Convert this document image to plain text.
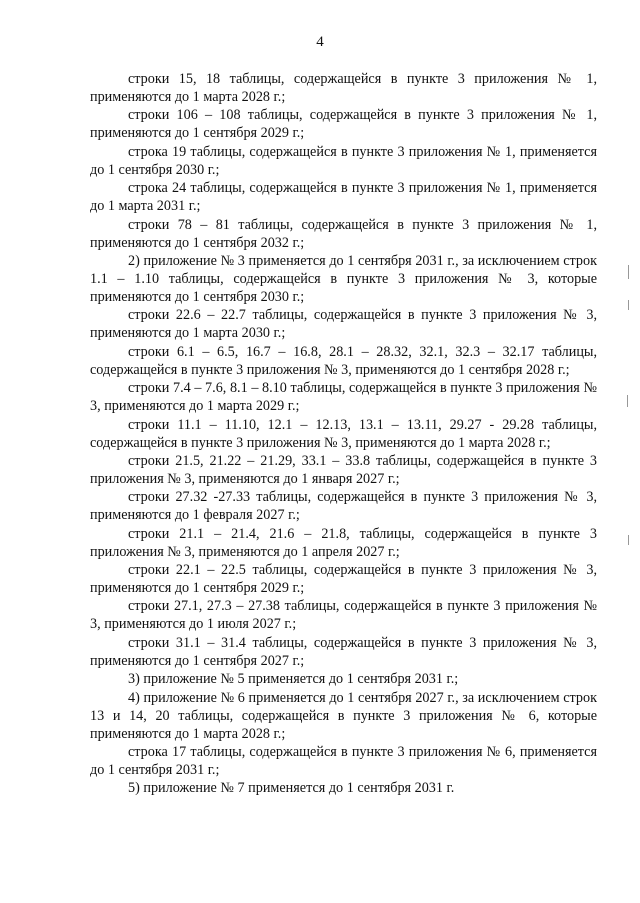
4

строки 15, 18 таблицы, содержащейся в пункте 3 приложения № 1, применяются до 1 марта 2028 г.;

строки 106 – 108 таблицы, содержащейся в пункте 3 приложения № 1, применяются до 1 сентября 2029 г.;

строка 19 таблицы, содержащейся в пункте 3 приложения № 1, применяется до 1 сентября 2030 г.;

строка 24 таблицы, содержащейся в пункте 3 приложения № 1, применяется до 1 марта 2031 г.;

строки 78 – 81 таблицы, содержащейся в пункте 3 приложения № 1, применяются до 1 сентября 2032 г.;

2) приложение № 3 применяется до 1 сентября 2031 г., за исключением строк 1.1 – 1.10 таблицы, содержащейся в пункте 3 приложения № 3, которые применяются до 1 сентября 2030 г.;

строки 22.6 – 22.7 таблицы, содержащейся в пункте 3 приложения № 3, применяются до 1 марта 2030 г.;

строки 6.1 – 6.5, 16.7 – 16.8, 28.1 – 28.32, 32.1, 32.3 – 32.17 таблицы, содержащейся в пункте 3 приложения № 3, применяются до 1 сентября 2028 г.;

строки 7.4 – 7.6, 8.1 – 8.10 таблицы, содержащейся в пункте 3 приложения № 3, применяются до 1 марта 2029 г.;

строки 11.1 – 11.10, 12.1 – 12.13, 13.1 – 13.11, 29.27 - 29.28 таблицы, содержащейся в пункте 3 приложения № 3, применяются до 1 марта 2028 г.;

строки 21.5, 21.22 – 21.29, 33.1 – 33.8 таблицы, содержащейся в пункте 3 приложения № 3, применяются до 1 января 2027 г.;

строки 27.32 -27.33 таблицы, содержащейся в пункте 3 приложения № 3, применяются до 1 февраля 2027 г.;

строки 21.1 – 21.4, 21.6 – 21.8, таблицы, содержащейся в пункте 3 приложения № 3, применяются до 1 апреля 2027 г.;

строки 22.1 – 22.5 таблицы, содержащейся в пункте 3 приложения № 3, применяются до 1 сентября 2029 г.;

строки 27.1, 27.3 – 27.38 таблицы, содержащейся в пункте 3 приложения № 3, применяются до 1 июля 2027 г.;

строки 31.1 – 31.4 таблицы, содержащейся в пункте 3 приложения № 3, применяются до 1 сентября 2027 г.;

3) приложение № 5 применяется до 1 сентября 2031 г.;

4) приложение № 6 применяется до 1 сентября 2027 г., за исключением строк 13 и 14, 20 таблицы, содержащейся в пункте 3 приложения № 6, которые применяются до 1 марта 2028 г.;

строка 17 таблицы, содержащейся в пункте 3 приложения № 6, применяется до 1 сентября 2031 г.;

5) приложение № 7 применяется до 1 сентября 2031 г.
